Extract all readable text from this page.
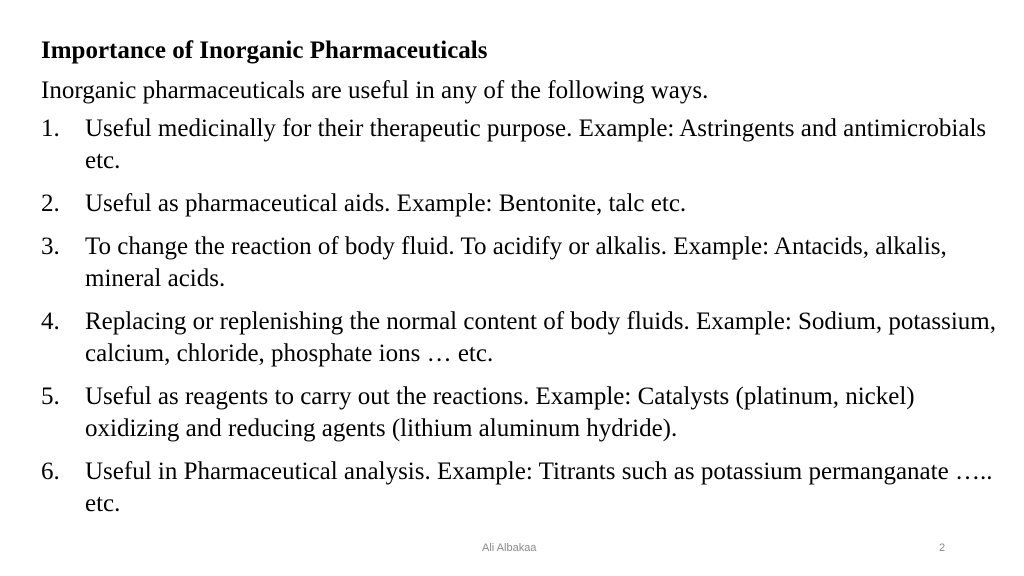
Importance of Inorganic Pharmaceuticals
Inorganic pharmaceuticals are useful in any of the following ways.
1.	Useful medicinally for their therapeutic purpose. Example: Astringents and antimicrobials etc.
2.	Useful as pharmaceutical aids. Example: Bentonite, talc etc.
3.	To change the reaction of body fluid. To acidify or alkalis. Example: Antacids, alkalis, mineral acids.
4.	Replacing or replenishing the normal content of body fluids. Example: Sodium, potassium, calcium, chloride, phosphate ions … etc.
5.	Useful as reagents to carry out the reactions. Example: Catalysts (platinum, nickel) oxidizing and reducing agents (lithium aluminum hydride).
6.	Useful in Pharmaceutical analysis. Example: Titrants such as potassium permanganate ….. etc.
Ali Albakaa	2
